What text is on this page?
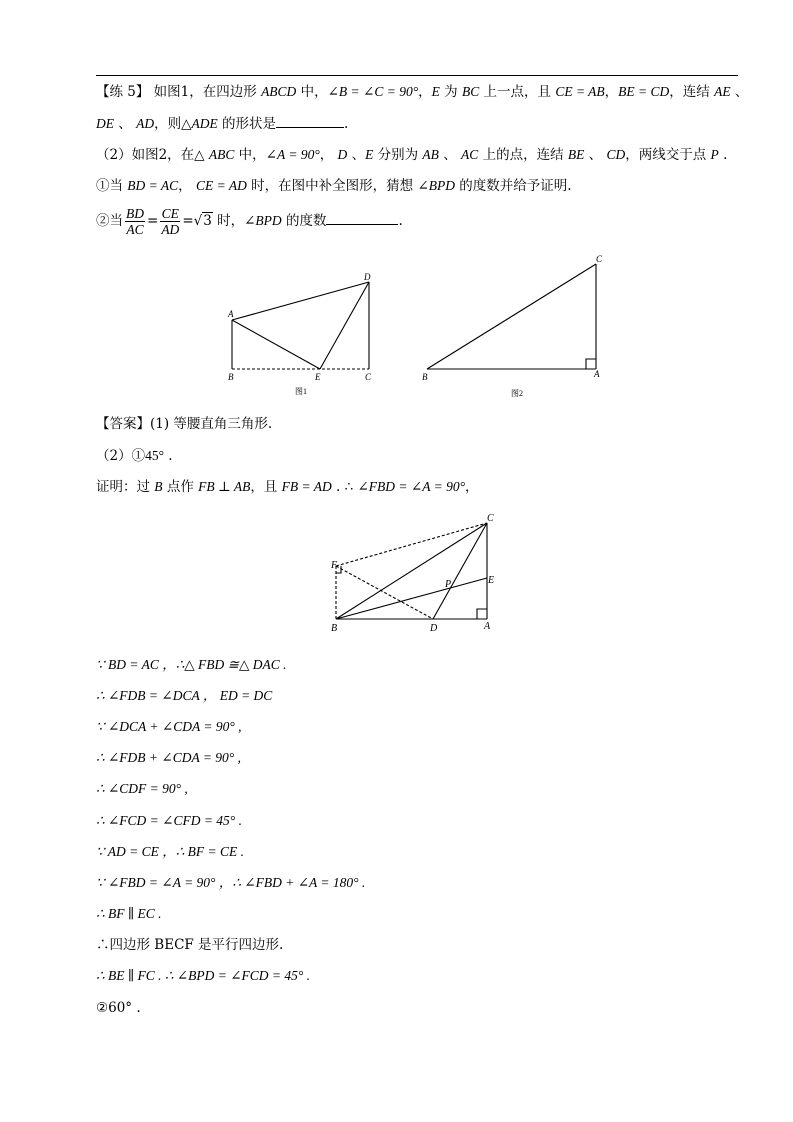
【练 5】 如图1，在四边形 ABCD 中，∠B = ∠C = 90°，E 为 BC 上一点，且 CE = AB，BE = CD，连结 AE 、
DE 、 AD，则△ADE 的形状是	.
（2）如图2，在△ ABC 中，∠A = 90°， D 、E 分别为 AB 、 AC 上的点，连结 BE 、 CD，两线交于点 P .
①当 BD = AC， CE = AD 时，在图中补全图形，猜想 ∠BPD 的度数并给予证明.
②当 $\frac{BD}{AC} = \frac{CE}{AD} =√3$ 时，∠BPD 的度数	.
A
B	C
D
E
图1
C
B	A
图2
【答案】(1) 等腰直角三角形.
（2）①45° .
证明：过 B 点作 FB ⊥ AB，且 FB = AD . ∴ ∠FBD = ∠A = 90°，
C
F
P	E
B	D	A
∵ BD = AC ，∴△ FBD ≅△ DAC .
∴ ∠FDB = ∠DCA ， ED = DC
∵ ∠DCA + ∠CDA = 90° ,
∴ ∠FDB + ∠CDA = 90° ,
∴ ∠CDF = 90° ,
∴ ∠FCD = ∠CFD = 45° .
∵ AD = CE ，∴ BF = CE .
∵ ∠FBD = ∠A = 90° ，∴ ∠FBD + ∠A = 180° .
∴ BF ∥ EC .
∴四边形 BECF 是平行四边形.
∴ BE ∥ FC . ∴ ∠BPD = ∠FCD = 45° .
②60° .
